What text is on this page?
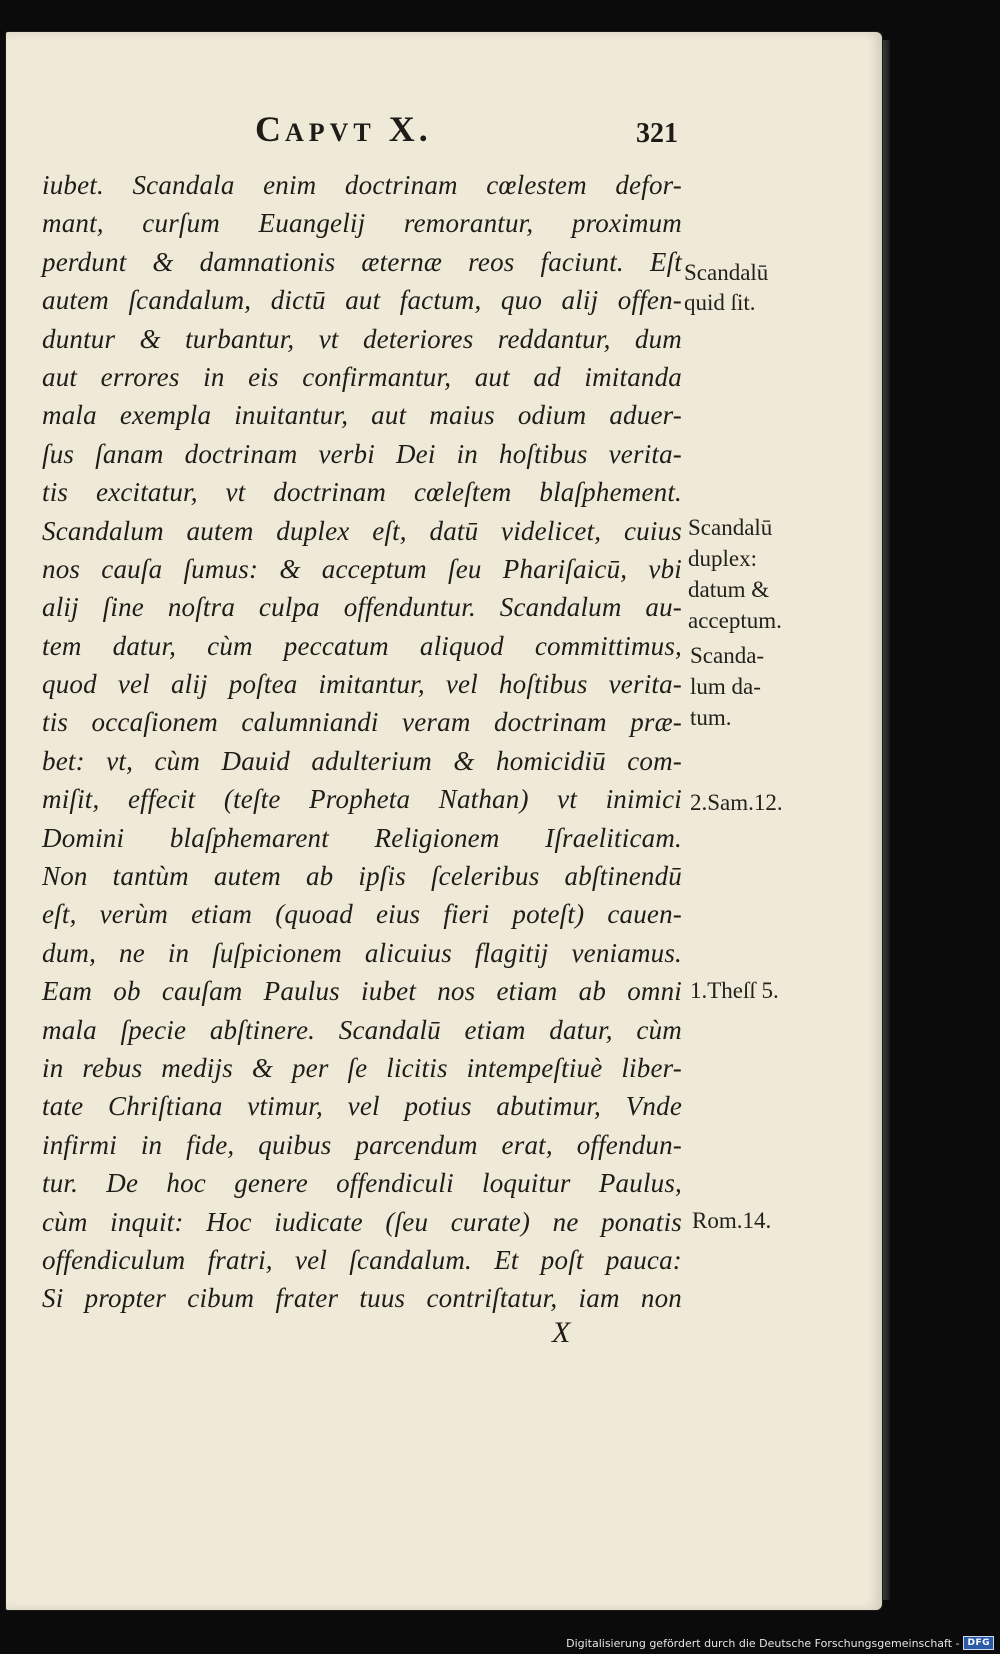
CAPVT X.	321
iubet. Scandala enim doctrinam cœlestem defor-
mant, curſum Euangelij remorantur, proximum
perdunt & damnationis æternæ reos faciunt. Eſt
autem ſcandalum, dictū aut factum, quo alij offen-
duntur & turbantur, vt deteriores reddantur, dum
aut errores in eis confirmantur, aut ad imitanda
mala exempla inuitantur, aut maius odium aduer-
ſus ſanam doctrinam verbi Dei in hoſtibus verita-
tis excitatur, vt doctrinam cœleſtem blaſphement.
Scandalum autem duplex eſt, datū videlicet, cuius
nos cauſa ſumus: & acceptum ſeu Phariſaicū, vbi
alij ſine noſtra culpa offenduntur. Scandalum au-
tem datur, cùm peccatum aliquod committimus,
quod vel alij poſtea imitantur, vel hoſtibus verita-
tis occaſionem calumniandi veram doctrinam præ-
bet: vt, cùm Dauid adulterium & homicidiū com-
miſit, effecit (teſte Propheta Nathan) vt inimici
Domini blaſphemarent Religionem Iſraeliticam.
Non tantùm autem ab ipſis ſceleribus abſtinendū
eſt, verùm etiam (quoad eius fieri poteſt) cauen-
dum, ne in ſuſpicionem alicuius flagitij veniamus.
Eam ob cauſam Paulus iubet nos etiam ab omni
mala ſpecie abſtinere. Scandalū etiam datur, cùm
in rebus medijs & per ſe licitis intempeſtiuè liber-
tate Chriſtiana vtimur, vel potius abutimur, Vnde
infirmi in fide, quibus parcendum erat, offendun-
tur. De hoc genere offendiculi loquitur Paulus,
cùm inquit: Hoc iudicate (ſeu curate) ne ponatis
offendiculum fratri, vel ſcandalum. Et poſt pauca:
Si propter cibum frater tuus contriſtatur, iam non
Scandalū
quid ſit.
Scandalū
duplex:
datum &
acceptum.
Scanda-
lum da-
tum.
2.Sam.12.
1.Theſſ 5.
Rom.14.
X
Digitalisierung gefördert durch die Deutsche Forschungsgemeinschaft - DFG
